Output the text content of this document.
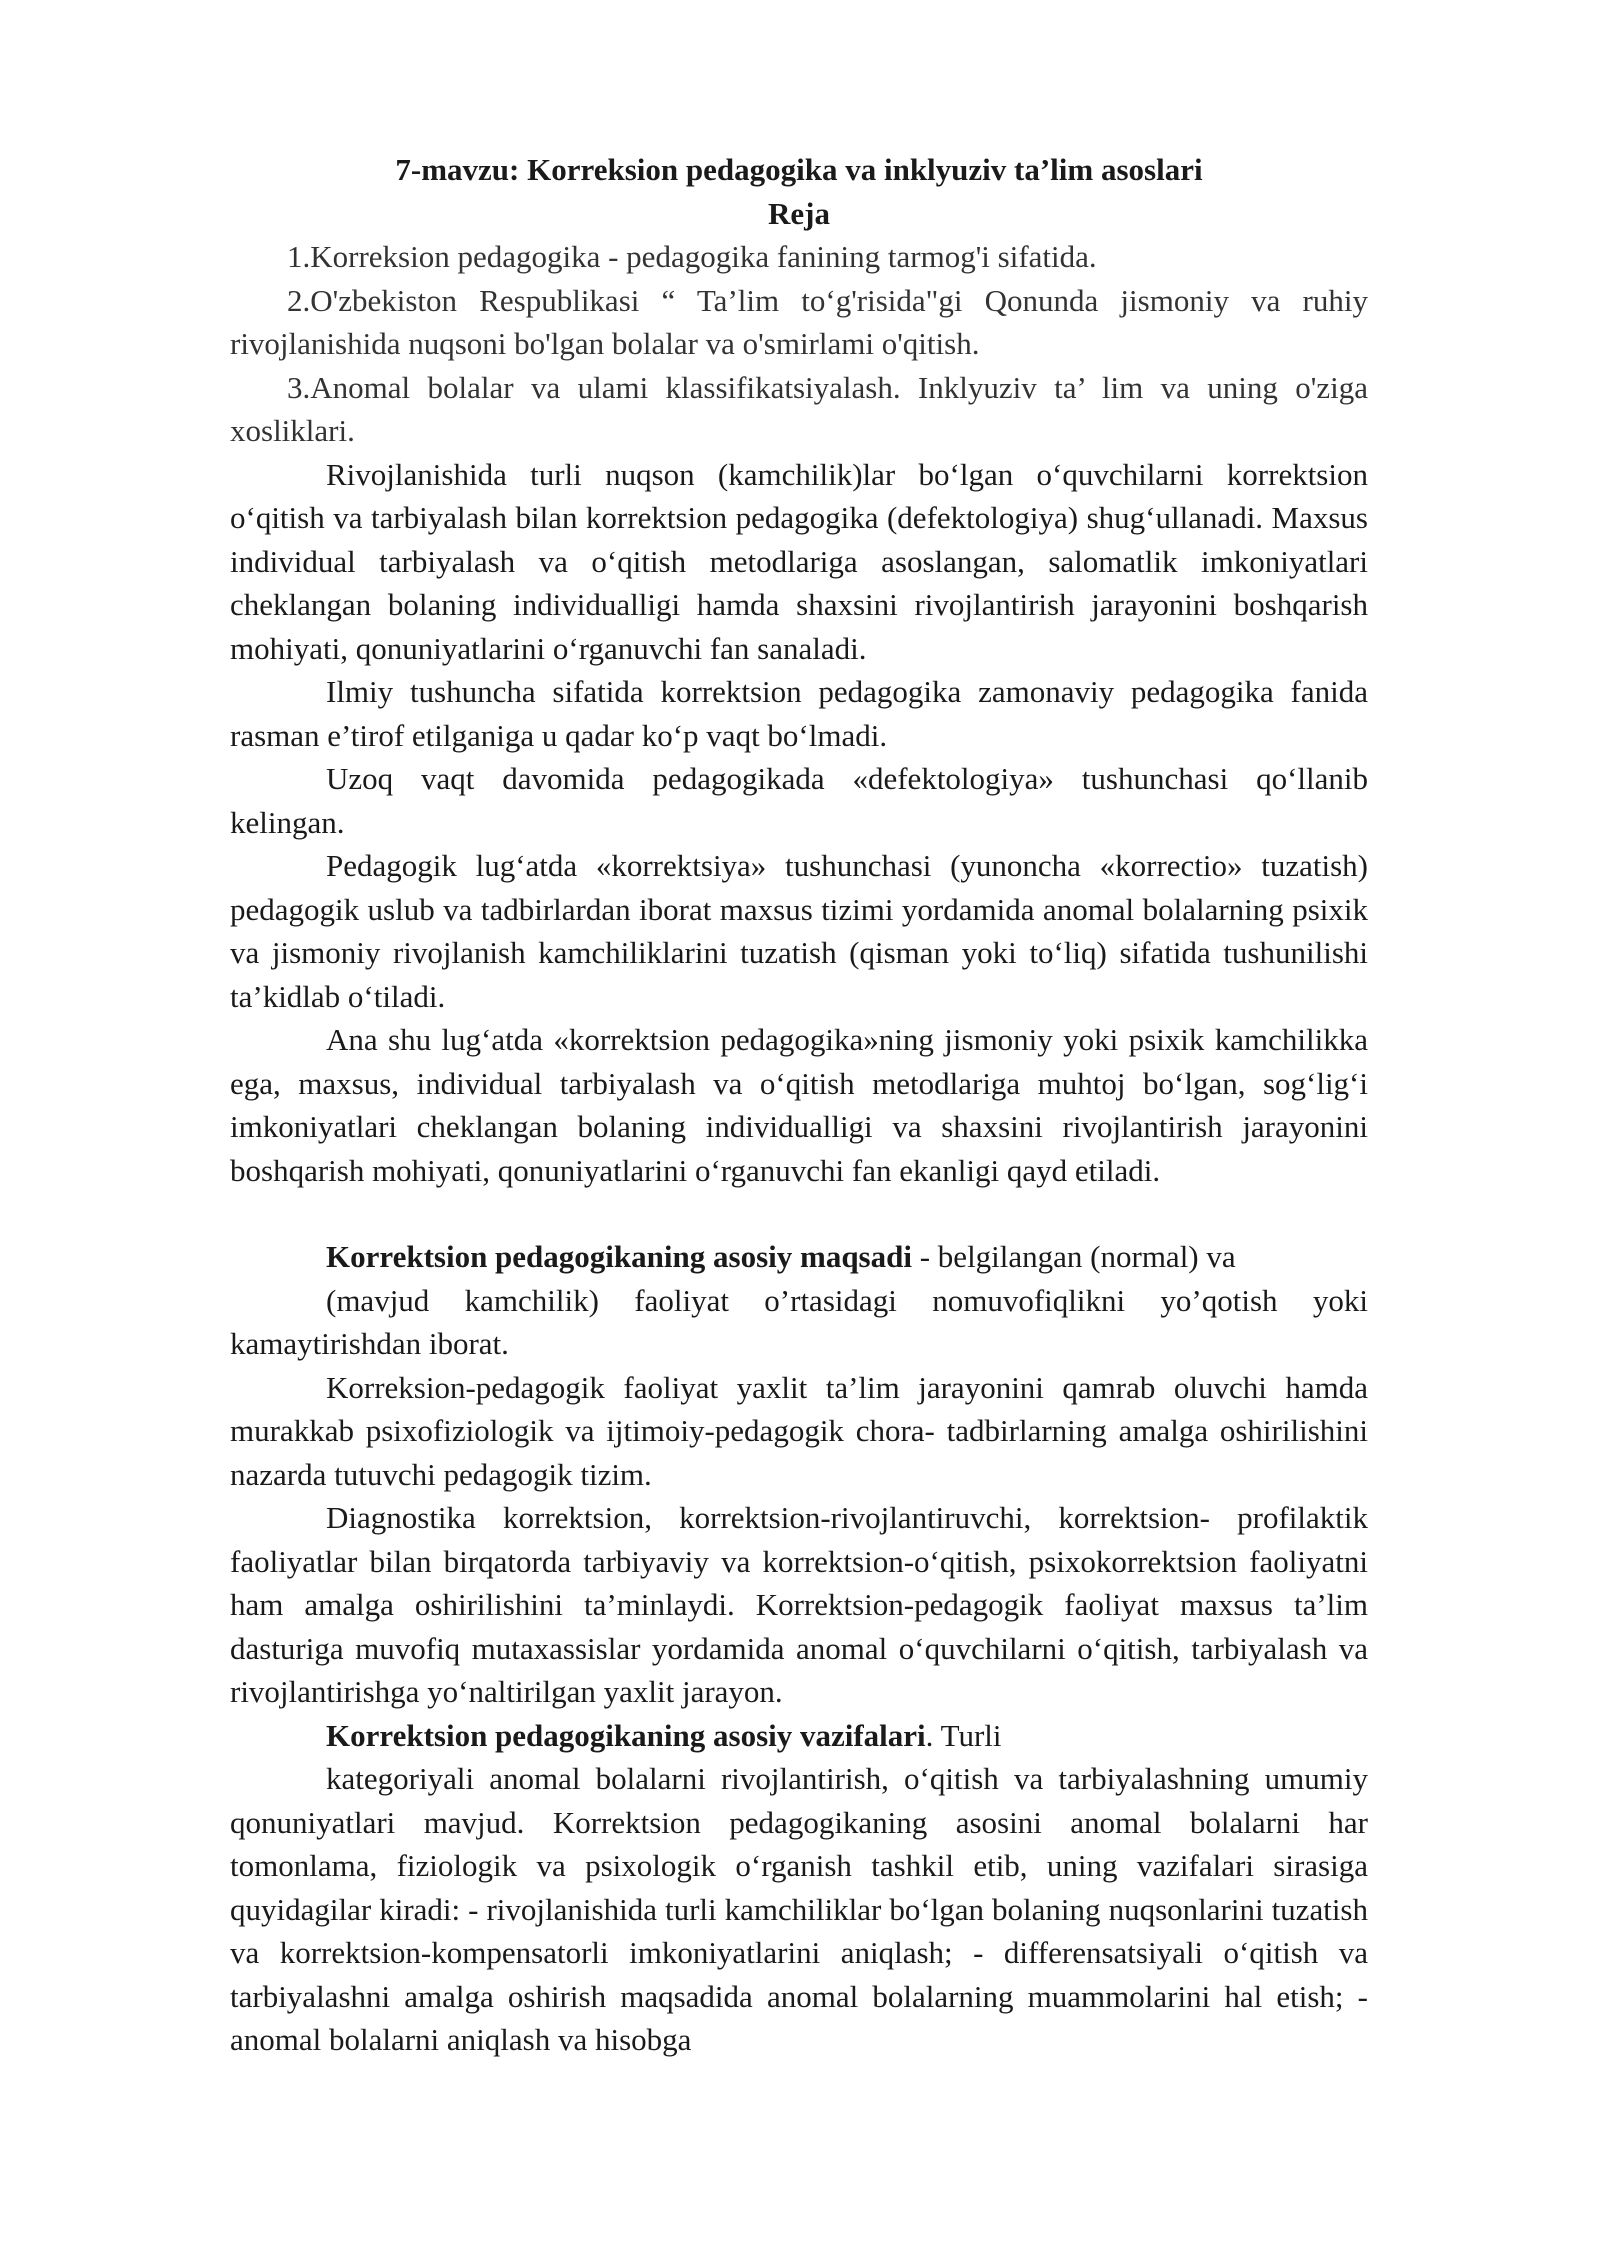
7-mavzu: Korreksion pedagogika va inklyuziv ta’lim asoslari

Reja

1.Korreksion pedagogika - pedagogika fanining tarmog'i sifatida.

2.O'zbekiston Respublikasi “ Ta’lim to‘g'risida"gi Qonunda jismoniy va ruhiy rivojlanishida nuqsoni bo'lgan bolalar va o'smirlami o'qitish.

3.Anomal bolalar va ulami klassifikatsiyalash. Inklyuziv ta’ lim va uning o'ziga xosliklari.

Rivojlanishida turli nuqson (kamchilik)lar bo‘lgan o‘quvchilarni korrektsion o‘qitish va tarbiyalash bilan korrektsion pedagogika (defektologiya) shug‘ullanadi. Maxsus individual tarbiyalash va o‘qitish metodlariga asoslangan, salomatlik imkoniyatlari cheklangan bolaning individualligi hamda shaxsini rivojlantirish jarayonini boshqarish mohiyati, qonuniyatlarini o‘rganuvchi fan sanaladi.

Ilmiy tushuncha sifatida korrektsion pedagogika zamonaviy pedagogika fanida rasman e’tirof etilganiga u qadar ko‘p vaqt bo‘lmadi.

Uzoq vaqt davomida pedagogikada «defektologiya» tushunchasi qo‘llanib kelingan.

Pedagogik lug‘atda «korrektsiya» tushunchasi (yunoncha «korrectio» tuzatish) pedagogik uslub va tadbirlardan iborat maxsus tizimi yordamida anomal bolalarning psixik va jismoniy rivojlanish kamchiliklarini tuzatish (qisman yoki to‘liq) sifatida tushunilishi ta’kidlab o‘tiladi.

Ana shu lug‘atda «korrektsion pedagogika»ning jismoniy yoki psixik kamchilikka ega, maxsus, individual tarbiyalash va o‘qitish metodlariga muhtoj bo‘lgan, sog‘lig‘i imkoniyatlari cheklangan bolaning individualligi va shaxsini rivojlantirish jarayonini boshqarish mohiyati, qonuniyatlarini o‘rganuvchi fan ekanligi qayd etiladi.

Korrektsion pedagogikaning asosiy maqsadi - belgilangan (normal) va

(mavjud kamchilik) faoliyat o’rtasidagi nomuvofiqlikni yo’qotish yoki kamaytirishdan iborat.

Korreksion-pedagogik faoliyat yaxlit ta’lim jarayonini qamrab oluvchi hamda murakkab psixofiziologik va ijtimoiy-pedagogik chora- tadbirlarning amalga oshirilishini nazarda tutuvchi pedagogik tizim.

Diagnostika korrektsion, korrektsion-rivojlantiruvchi, korrektsion- profilaktik faoliyatlar bilan birqatorda tarbiyaviy va korrektsion-o‘qitish, psixokorrektsion faoliyatni ham amalga oshirilishini ta’minlaydi. Korrektsion-pedagogik faoliyat maxsus ta’lim dasturiga muvofiq mutaxassislar yordamida anomal o‘quvchilarni o‘qitish, tarbiyalash va rivojlantirishga yo‘naltirilgan yaxlit jarayon.

Korrektsion pedagogikaning asosiy vazifalari. Turli

kategoriyali anomal bolalarni rivojlantirish, o‘qitish va tarbiyalashning umumiy qonuniyatlari mavjud. Korrektsion pedagogikaning asosini anomal bolalarni har tomonlama, fiziologik va psixologik o‘rganish tashkil etib, uning vazifalari sirasiga quyidagilar kiradi: - rivojlanishida turli kamchiliklar bo‘lgan bolaning nuqsonlarini tuzatish va korrektsion-kompensatorli imkoniyatlarini aniqlash; - differensatsiyali o‘qitish va tarbiyalashni amalga oshirish maqsadida anomal bolalarning muammolarini hal etish; - anomal bolalarni aniqlash va hisobga
